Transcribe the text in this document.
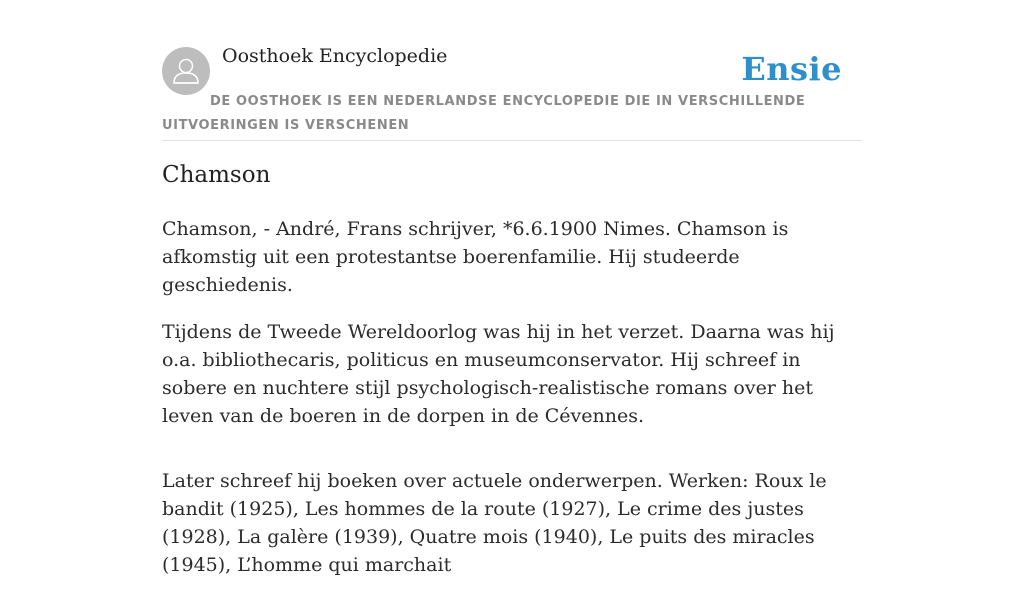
Oosthoek Encyclopedie	Ensie
DE OOSTHOEK IS EEN NEDERLANDSE ENCYCLOPEDIE DIE IN VERSCHILLENDE UITVOERINGEN IS VERSCHENEN
Chamson

Chamson, - André, Frans schrijver, *6.6.1900 Nimes. Chamson is afkomstig uit een protestantse boerenfamilie. Hij studeerde geschiedenis.

Tijdens de Tweede Wereldoorlog was hij in het verzet. Daarna was hij o.a. bibliothecaris, politicus en museumconservator. Hij schreef in sobere en nuchtere stijl psychologisch-realistische romans over het leven van de boeren in de dorpen in de Cévennes.

Later schreef hij boeken over actuele onderwerpen. Werken: Roux le bandit (1925), Les hommes de la route (1927), Le crime des justes (1928), La galère (1939), Quatre mois (1940), Le puits des miracles (1945), L’homme qui marchait
